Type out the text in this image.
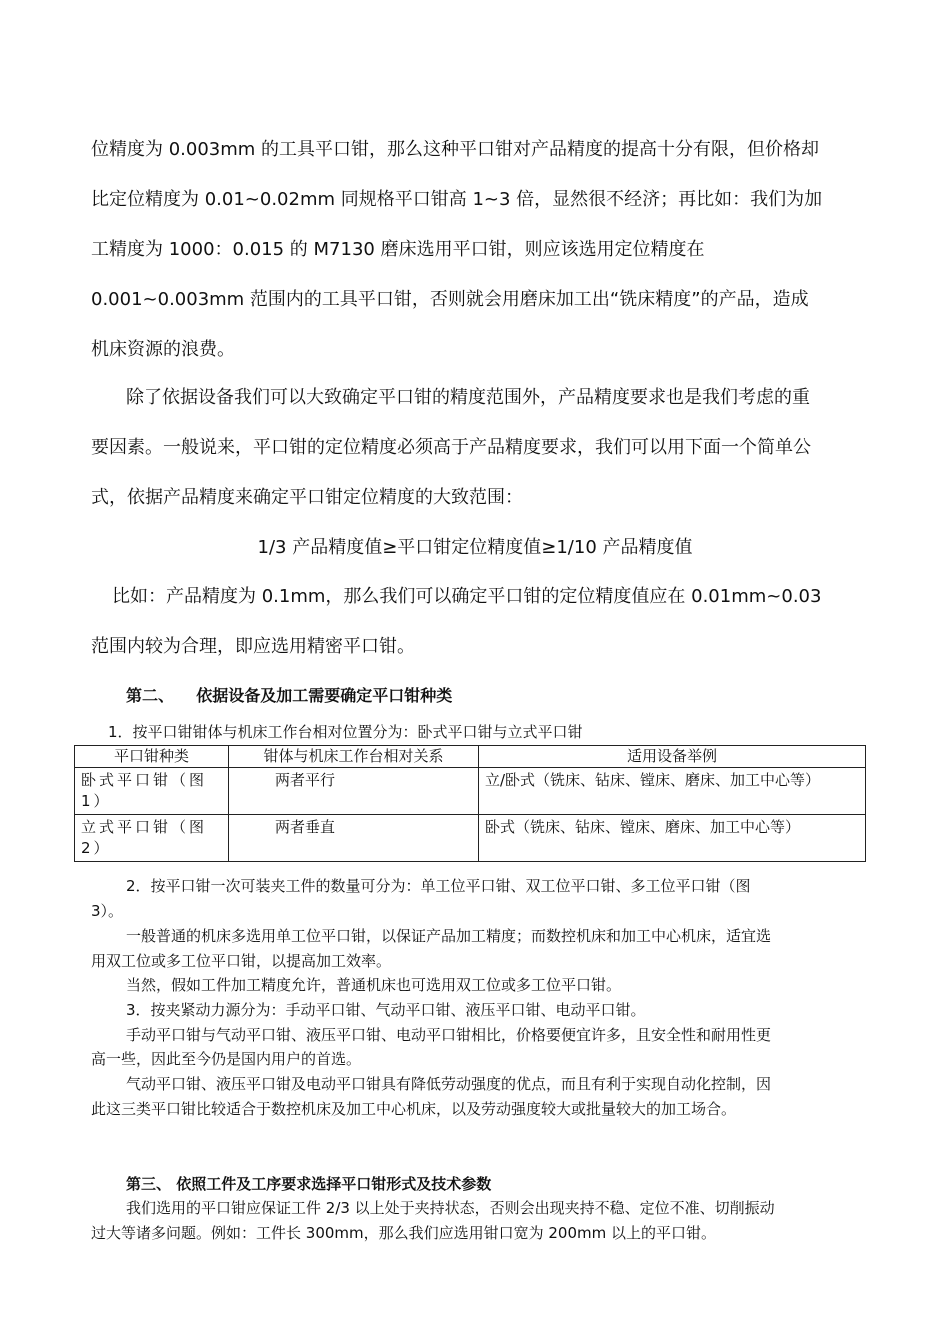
位精度为 0.003mm 的工具平口钳，那么这种平口钳对产品精度的提高十分有限，但价格却
比定位精度为 0.01~0.02mm 同规格平口钳高 1~3 倍，显然很不经济；再比如：我们为加
工精度为 1000：0.015 的 M7130 磨床选用平口钳，则应该选用定位精度在
0.001~0.003mm 范围内的工具平口钳，否则就会用磨床加工出“铣床精度”的产品，造成
机床资源的浪费。
除了依据设备我们可以大致确定平口钳的精度范围外，产品精度要求也是我们考虑的重
要因素。一般说来，平口钳的定位精度必须高于产品精度要求，我们可以用下面一个简单公
式，依据产品精度来确定平口钳定位精度的大致范围：
1/3 产品精度值≥平口钳定位精度值≥1/10 产品精度值
比如：产品精度为 0.1mm，那么我们可以确定平口钳的定位精度值应在 0.01mm~0.03
范围内较为合理，即应选用精密平口钳。
第二、    依据设备及加工需要确定平口钳种类
1．按平口钳钳体与机床工作台相对位置分为：卧式平口钳与立式平口钳
平口钳种类	钳体与机床工作台相对关系	适用设备举例
卧式平口钳（图1）	两者平行	立/卧式（铣床、钻床、镗床、磨床、加工中心等）
立式平口钳（图2）	两者垂直	卧式（铣床、钻床、镗床、磨床、加工中心等）
2．按平口钳一次可装夹工件的数量可分为：单工位平口钳、双工位平口钳、多工位平口钳（图
3）。
一般普通的机床多选用单工位平口钳，以保证产品加工精度；而数控机床和加工中心机床，适宜选
用双工位或多工位平口钳，以提高加工效率。
当然，假如工件加工精度允许，普通机床也可选用双工位或多工位平口钳。
3．按夹紧动力源分为：手动平口钳、气动平口钳、液压平口钳、电动平口钳。
手动平口钳与气动平口钳、液压平口钳、电动平口钳相比，价格要便宜许多，且安全性和耐用性更
高一些，因此至今仍是国内用户的首选。
气动平口钳、液压平口钳及电动平口钳具有降低劳动强度的优点，而且有利于实现自动化控制，因
此这三类平口钳比较适合于数控机床及加工中心机床，以及劳动强度较大或批量较大的加工场合。
第三、 依照工件及工序要求选择平口钳形式及技术参数
我们选用的平口钳应保证工件 2/3 以上处于夹持状态，否则会出现夹持不稳、定位不准、切削振动
过大等诸多问题。例如：工件长 300mm，那么我们应选用钳口宽为 200mm 以上的平口钳。
